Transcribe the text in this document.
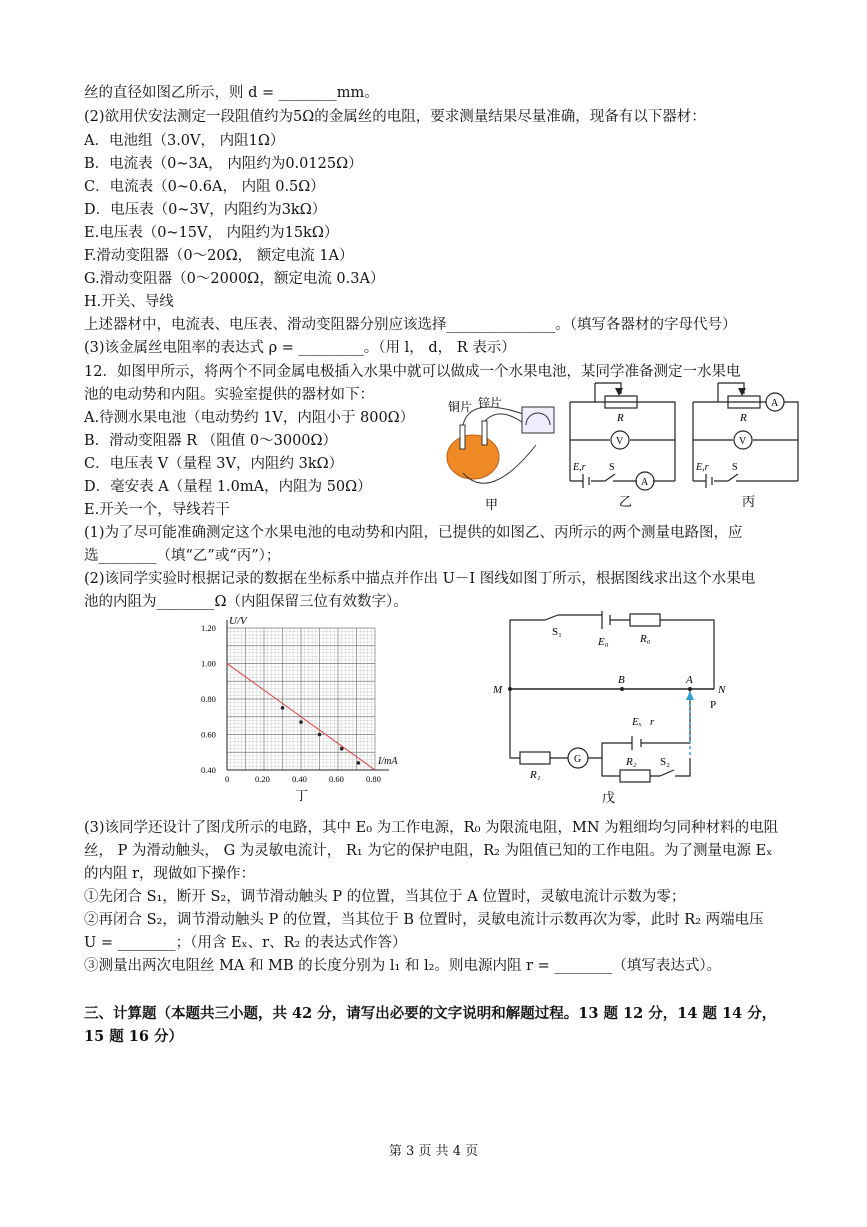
丝的直径如图乙所示，则 d = ________mm。
(2)欲用伏安法测定一段阻值约为5Ω的金属丝的电阻，要求测量结果尽量准确，现备有以下器材：
A．电池组（3.0V， 内阻1Ω）
B．电流表（0~3A， 内阻约为0.0125Ω）
C．电流表（0~0.6A， 内阻 0.5Ω）
D．电压表（0~3V，内阻约为3kΩ）
E.电压表（0~15V， 内阻约为15kΩ）
F.滑动变阻器（0～20Ω， 额定电流 1A）
G.滑动变阻器（0～2000Ω，额定电流 0.3A）
H.开关、导线
上述器材中，电流表、电压表、滑动变阻器分别应该选择_______________。（填写各器材的字母代号）
(3)该金属丝电阻率的表达式 ρ = _________。（用 l， d， R 表示）
12．如图甲所示，将两个不同金属电极插入水果中就可以做成一个水果电池，某同学准备测定一水果电
池的电动势和内阻。实验室提供的器材如下：
A.待测水果电池（电动势约 1V，内阻小于 800Ω）
B．滑动变阻器 R （阻值 0～3000Ω）
C．电压表 V（量程 3V，内阻约 3kΩ）
D．毫安表 A（量程 1.0mA，内阻为 50Ω）
E.开关一个，导线若干
(1)为了尽可能准确测定这个水果电池的电动势和内阻，已提供的如图乙、丙所示的两个测量电路图，应
选________（填“乙”或“丙”）；
(2)该同学实验时根据记录的数据在坐标系中描点并作出 U－I 图线如图丁所示，根据图线求出这个水果电
池的内阻为________Ω（内阻保留三位有效数字）。
(3)该同学还设计了图戊所示的电路，其中 E₀ 为工作电源，R₀ 为限流电阻，MN 为粗细均匀同种材料的电阻
丝， P 为滑动触头， G 为灵敏电流计， R₁ 为它的保护电阻，R₂ 为阻值已知的工作电阻。为了测量电源 Eₓ
的内阻 r，现做如下操作：
①先闭合 S₁，断开 S₂，调节滑动触头 P 的位置，当其位于 A 位置时，灵敏电流计示数为零；
②再闭合 S₂，调节滑动触头 P 的位置，当其位于 B 位置时，灵敏电流计示数再次为零，此时 R₂ 两端电压
U = ________；（用含 Eₓ、r、R₂ 的表达式作答）
③测量出两次电阻丝 MA 和 MB 的长度分别为 l₁ 和 l₂。则电源内阻 r = ________（填写表达式）。
三、计算题（本题共三小题，共 42 分，请写出必要的文字说明和解题过程。13 题 12 分，14 题 14 分，
15 题 16 分）
铜片 锌片
甲
R
V
A
E,r S
乙
R
V
A
E,r S
丙
0	0.20	0.40	0.60	0.80
0.40
0.60
0.80
1.00
1.20
U/V
I/mA
丁
S₁
E₀	R₀
M
B	A
N
P
Eₓ r
G
R₁
R₂ S₂
戊
第 3 页 共 4 页
